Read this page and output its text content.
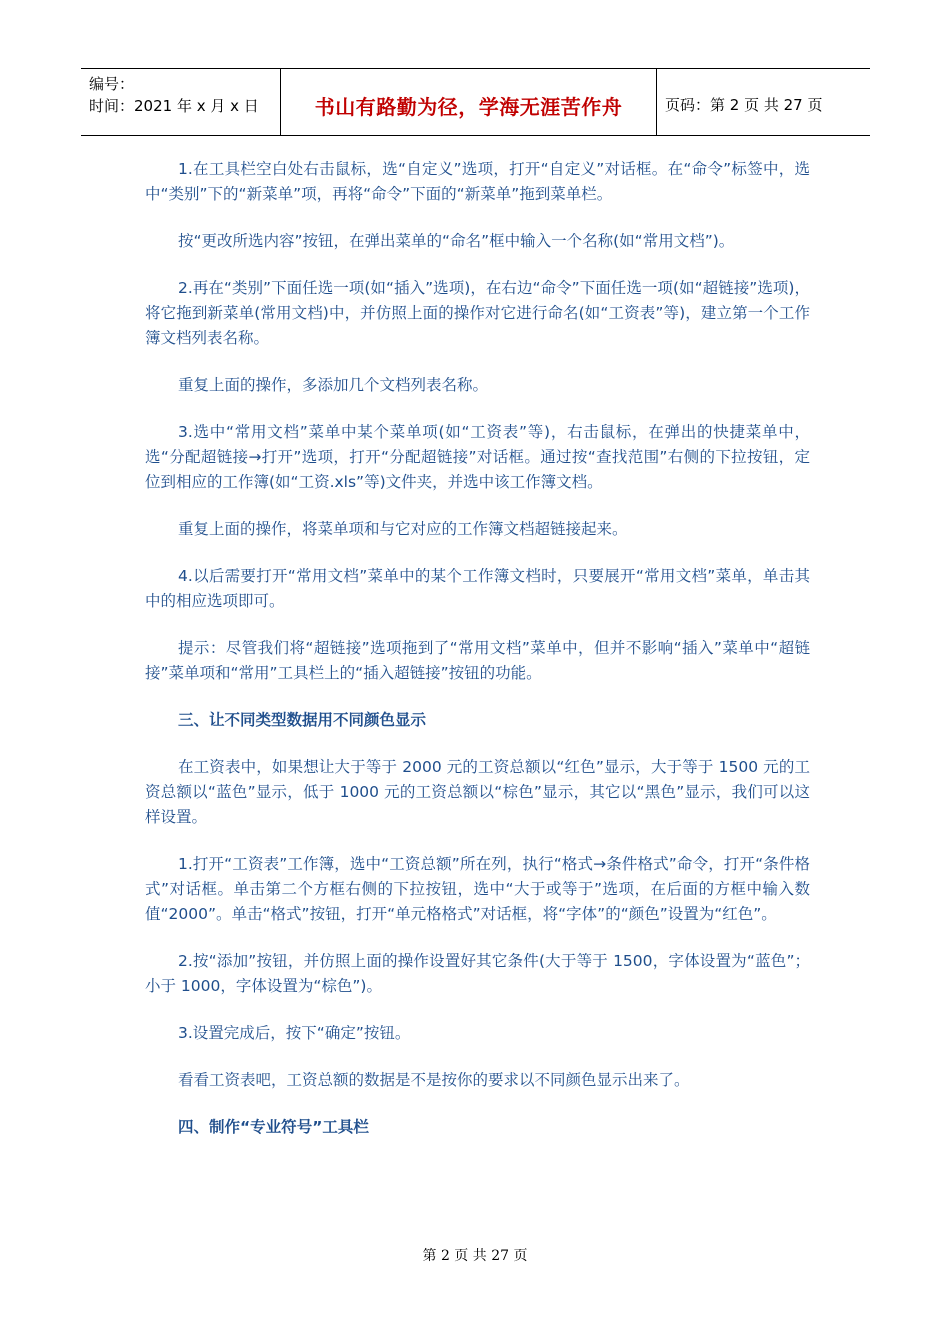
编号：
时间：2021 年 x 月 x 日	书山有路勤为径，学海无涯苦作舟	页码：第 2 页 共 27 页

1.在工具栏空白处右击鼠标，选“自定义”选项，打开“自定义”对话框。在“命令”标签中，选中“类别”下的“新菜单”项，再将“命令”下面的“新菜单”拖到菜单栏。

按“更改所选内容”按钮，在弹出菜单的“命名”框中输入一个名称(如“常用文档”)。

2.再在“类别”下面任选一项(如“插入”选项)，在右边“命令”下面任选一项(如“超链接”选项)，将它拖到新菜单(常用文档)中，并仿照上面的操作对它进行命名(如“工资表”等)，建立第一个工作簿文档列表名称。

重复上面的操作，多添加几个文档列表名称。

3.选中“常用文档”菜单中某个菜单项(如“工资表”等)，右击鼠标，在弹出的快捷菜单中，选“分配超链接→打开”选项，打开“分配超链接”对话框。通过按“查找范围”右侧的下拉按钮，定位到相应的工作簿(如“工资.xls”等)文件夹，并选中该工作簿文档。

重复上面的操作，将菜单项和与它对应的工作簿文档超链接起来。

4.以后需要打开“常用文档”菜单中的某个工作簿文档时，只要展开“常用文档”菜单，单击其中的相应选项即可。

提示：尽管我们将“超链接”选项拖到了“常用文档”菜单中，但并不影响“插入”菜单中“超链接”菜单项和“常用”工具栏上的“插入超链接”按钮的功能。

三、让不同类型数据用不同颜色显示

在工资表中，如果想让大于等于 2000 元的工资总额以“红色”显示，大于等于 1500 元的工资总额以“蓝色”显示，低于 1000 元的工资总额以“棕色”显示，其它以“黑色”显示，我们可以这样设置。

1.打开“工资表”工作簿，选中“工资总额”所在列，执行“格式→条件格式”命令，打开“条件格式”对话框。单击第二个方框右侧的下拉按钮，选中“大于或等于”选项，在后面的方框中输入数值“2000”。单击“格式”按钮，打开“单元格格式”对话框，将“字体”的“颜色”设置为“红色”。

2.按“添加”按钮，并仿照上面的操作设置好其它条件(大于等于 1500，字体设置为“蓝色”；小于 1000，字体设置为“棕色”)。

3.设置完成后，按下“确定”按钮。

看看工资表吧，工资总额的数据是不是按你的要求以不同颜色显示出来了。

四、制作“专业符号”工具栏

第 2 页 共 27 页
